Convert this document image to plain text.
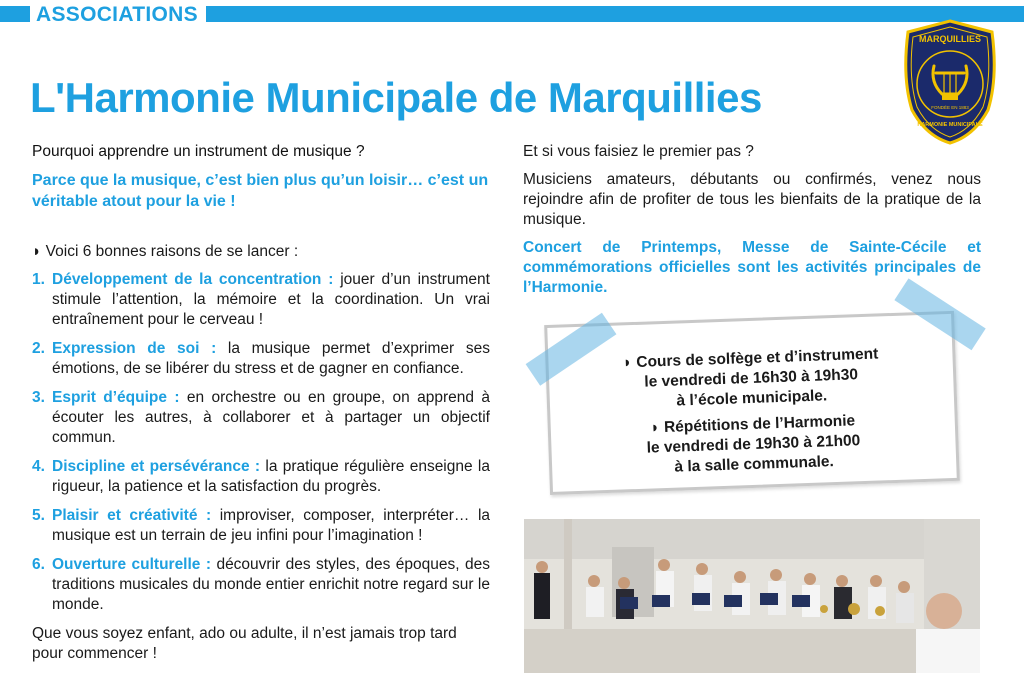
ASSOCIATIONS
L'Harmonie Municipale de Marquillies
MARQUILLIES
FONDÉE EN 1883
HARMONIE MUNICIPALE

Pourquoi apprendre un instrument de musique ?

Parce que la musique, c’est bien plus qu’un loisir… c’est un véritable atout pour la vie !

◗ Voici 6 bonnes raisons de se lancer :

1. Développement de la concentration : jouer d’un instrument stimule l’attention, la mémoire et la coordination. Un vrai entraînement pour le cerveau !
2. Expression de soi : la musique permet d’exprimer ses émotions, de se libérer du stress et de gagner en confiance.
3. Esprit d’équipe : en orchestre ou en groupe, on apprend à écouter les autres, à collaborer et à partager un objectif commun.
4. Discipline et persévérance : la pratique régulière enseigne la rigueur, la patience et la satisfaction du progrès.
5. Plaisir et créativité : improviser, composer, interpréter… la musique est un terrain de jeu infini pour l’imagination !
6. Ouverture culturelle : découvrir des styles, des époques, des traditions musicales du monde entier enrichit notre regard sur le monde.

Que vous soyez enfant, ado ou adulte, il n’est jamais trop tard pour commencer !

Et si vous faisiez le premier pas ?

Musiciens amateurs, débutants ou confirmés, venez nous rejoindre afin de profiter de tous les bienfaits de la pratique de la musique.

Concert de Printemps, Messe de Sainte-Cécile et commémorations officielles sont les activités principales de l’Harmonie.

◗ Cours de solfège et d’instrument
le vendredi de 16h30 à 19h30
à l’école municipale.

◗ Répétitions de l’Harmonie
le vendredi de 19h30 à 21h00
à la salle communale.
